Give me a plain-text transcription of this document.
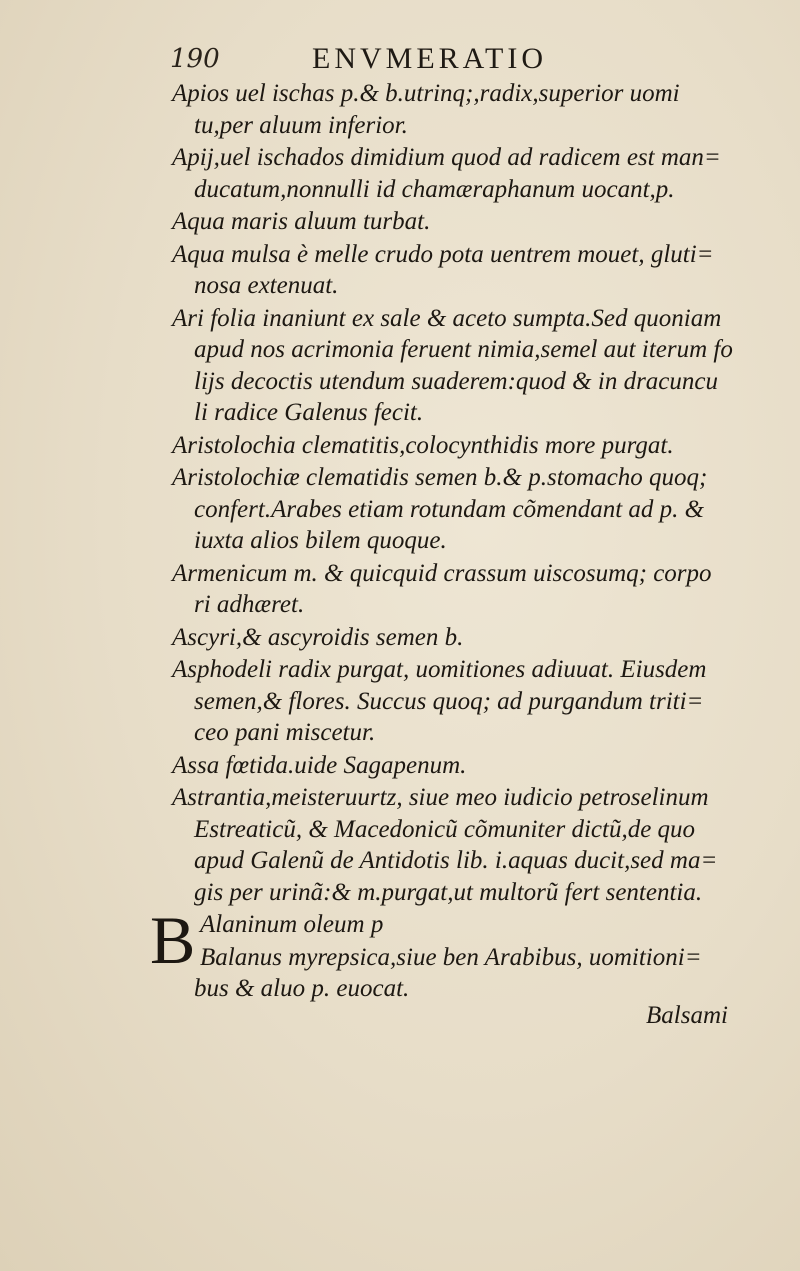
190	ENVMERATIO
Apios uel ischas p.& b.utrinq;,radix,superior uomi
tu,per aluum inferior.
Apij,uel ischados dimidium quod ad radicem est man=
ducatum,nonnulli id chamæraphanum uocant,p.
Aqua maris aluum turbat.
Aqua mulsa è melle crudo pota uentrem mouet, gluti=
nosa extenuat.
Ari folia inaniunt ex sale & aceto sumpta.Sed quoniam
apud nos acrimonia feruent nimia,semel aut iterum fo
lijs decoctis utendum suaderem:quod & in dracuncu
li radice Galenus fecit.
Aristolochia clematitis,colocynthidis more purgat.
Aristolochiæ clematidis semen b.& p.stomacho quoq;
confert.Arabes etiam rotundam cõmendant ad p. &
iuxta alios bilem quoque.
Armenicum m. & quicquid crassum uiscosumq; corpo
ri adhæret.
Ascyri,& ascyroidis semen b.
Asphodeli radix purgat, uomitiones adiuuat. Eiusdem
semen,& flores. Succus quoq; ad purgandum triti=
ceo pani miscetur.
Assa fœtida.uide Sagapenum.
Astrantia,meisteruurtz, siue meo iudicio petroselinum
Estreaticũ, & Macedonicũ cõmuniter dictũ,de quo
apud Galenũ de Antidotis lib. i.aquas ducit,sed ma=
gis per urinã:& m.purgat,ut multorũ fert sententia.
B Alaninum oleum p
Balanus myrepsica,siue ben Arabibus, uomitioni=
bus & aluo p. euocat.
Balsami
